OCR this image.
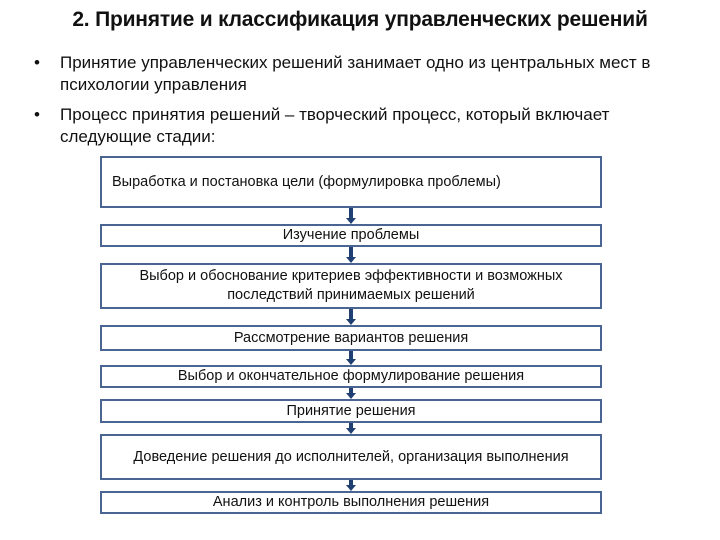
2. Принятие и классификация управленческих решений
• Принятие управленческих решений занимает одно из центральных мест в психологии управления
• Процесс принятия решений – творческий процесс, который включает следующие стадии:
Выработка и постановка цели (формулировка проблемы)
Изучение проблемы
Выбор и обоснование критериев эффективности и возможных последствий принимаемых решений
Рассмотрение вариантов решения
Выбор и окончательное формулирование решения
Принятие решения
Доведение решения до исполнителей, организация выполнения
Анализ и контроль выполнения решения
